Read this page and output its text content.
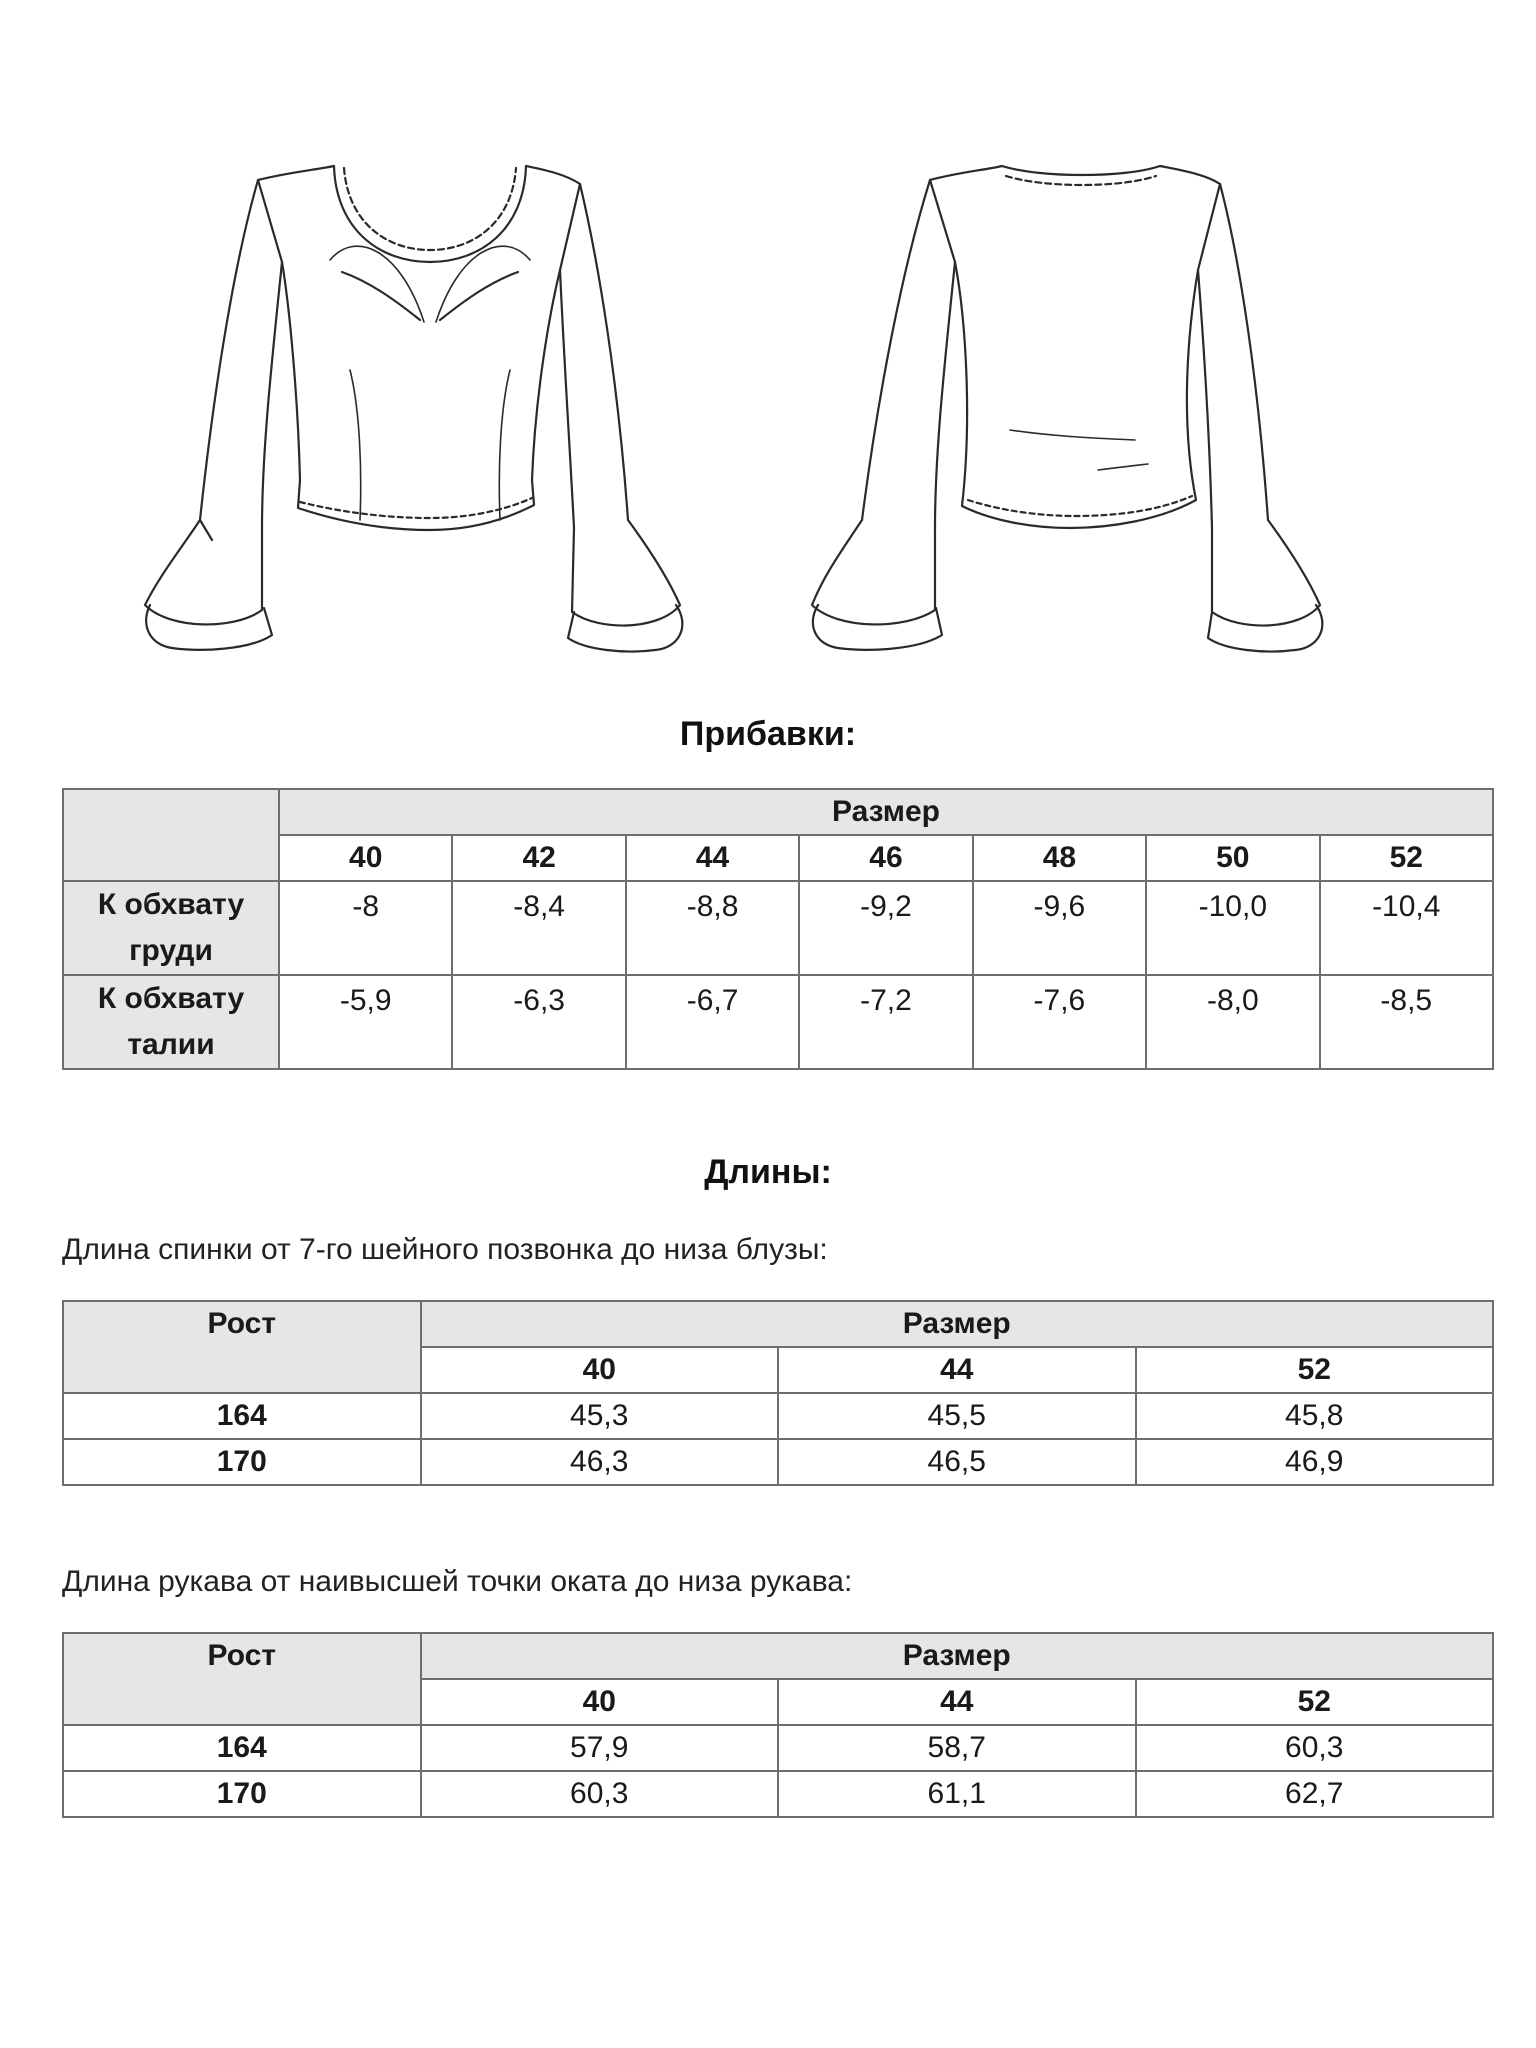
Прибавки:
	Размер						
	40	42	44	46	48	50	52

К обхвату
груди	-8	-8,4	-8,8	-9,2	-9,6	-10,0	-10,4

К обхвату
талии	-5,9	-6,3	-6,7	-7,2	-7,6	-8,0	-8,5
Длины:
Длина спинки от 7-го шейного позвонка до низа блузы:
Рост	Размер		
	40	44	52
164	45,3	45,5	45,8
170	46,3	46,5	46,9
Длина рукава от наивысшей точки оката до низа рукава:
Рост	Размер		
	40	44	52
164	57,9	58,7	60,3
170	60,3	61,1	62,7
